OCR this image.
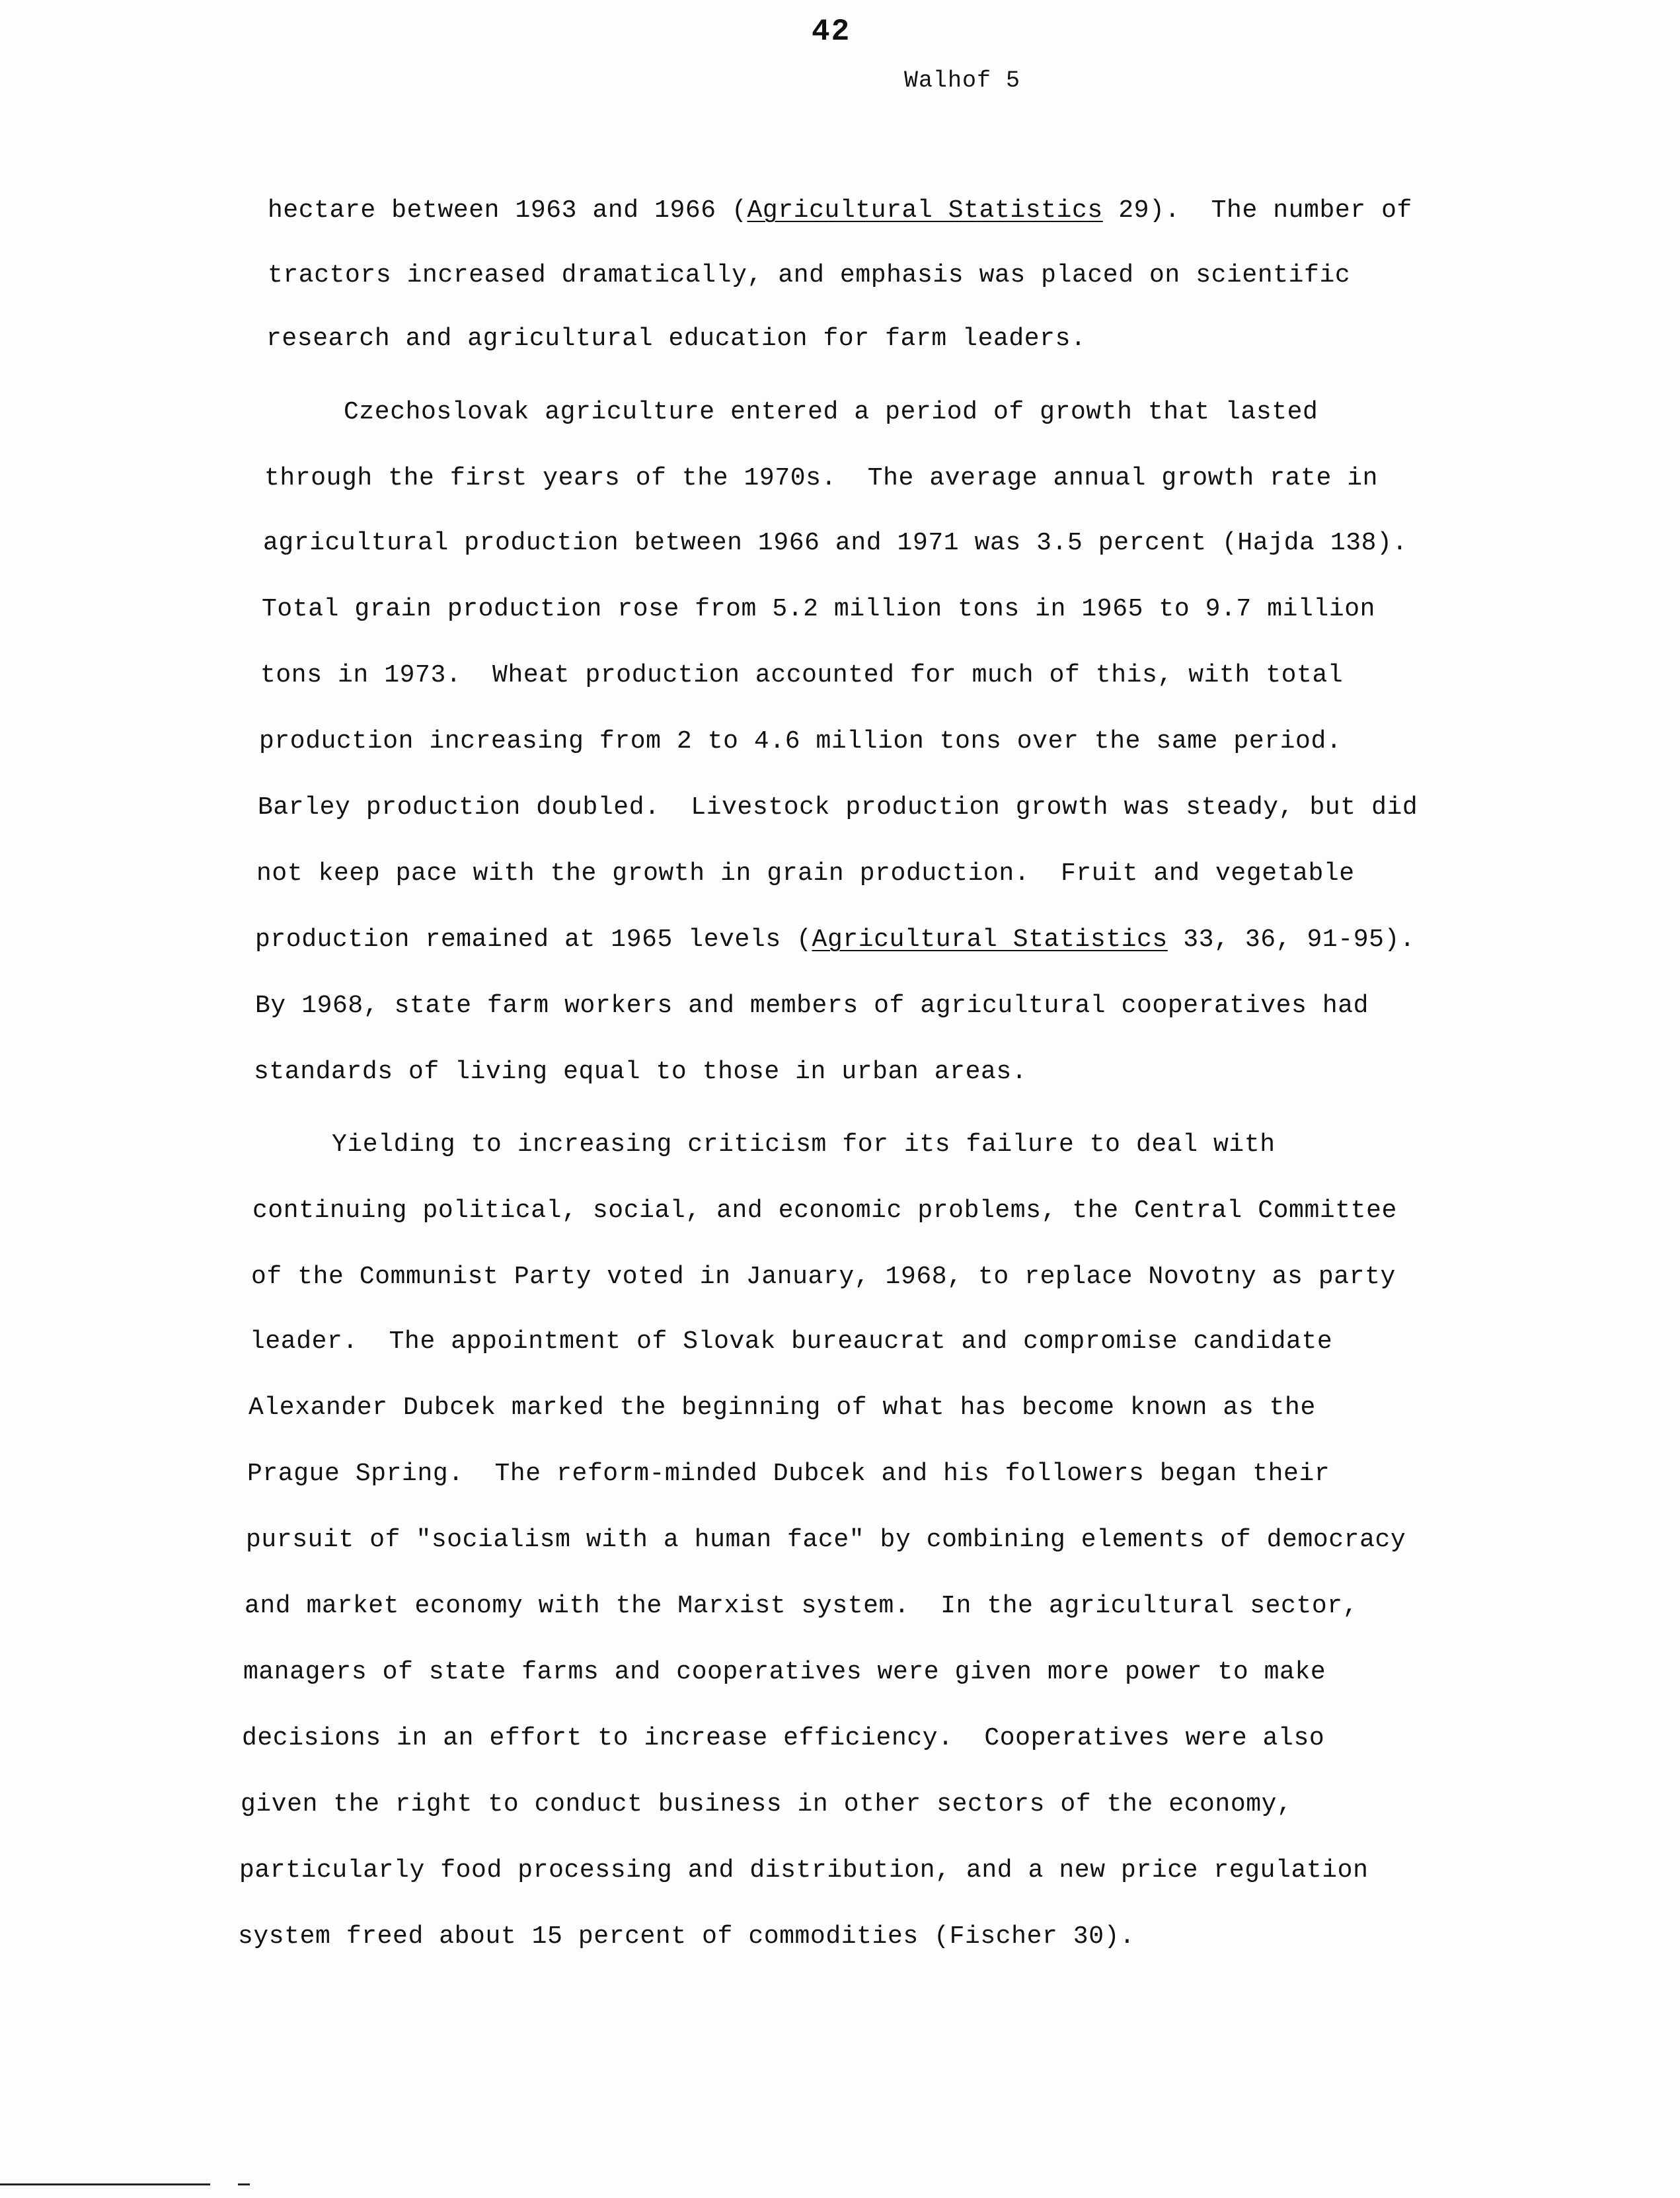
42
Walhof 5
hectare between 1963 and 1966 (Agricultural Statistics 29).  The number of
tractors increased dramatically, and emphasis was placed on scientific
research and agricultural education for farm leaders.
Czechoslovak agriculture entered a period of growth that lasted
through the first years of the 1970s.  The average annual growth rate in
agricultural production between 1966 and 1971 was 3.5 percent (Hajda 138).
Total grain production rose from 5.2 million tons in 1965 to 9.7 million
tons in 1973.  Wheat production accounted for much of this, with total
production increasing from 2 to 4.6 million tons over the same period.
Barley production doubled.  Livestock production growth was steady, but did
not keep pace with the growth in grain production.  Fruit and vegetable
production remained at 1965 levels (Agricultural Statistics 33, 36, 91-95).
By 1968, state farm workers and members of agricultural cooperatives had
standards of living equal to those in urban areas.
Yielding to increasing criticism for its failure to deal with
continuing political, social, and economic problems, the Central Committee
of the Communist Party voted in January, 1968, to replace Novotny as party
leader.  The appointment of Slovak bureaucrat and compromise candidate
Alexander Dubcek marked the beginning of what has become known as the
Prague Spring.  The reform-minded Dubcek and his followers began their
pursuit of "socialism with a human face" by combining elements of democracy
and market economy with the Marxist system.  In the agricultural sector,
managers of state farms and cooperatives were given more power to make
decisions in an effort to increase efficiency.  Cooperatives were also
given the right to conduct business in other sectors of the economy,
particularly food processing and distribution, and a new price regulation
system freed about 15 percent of commodities (Fischer 30).
